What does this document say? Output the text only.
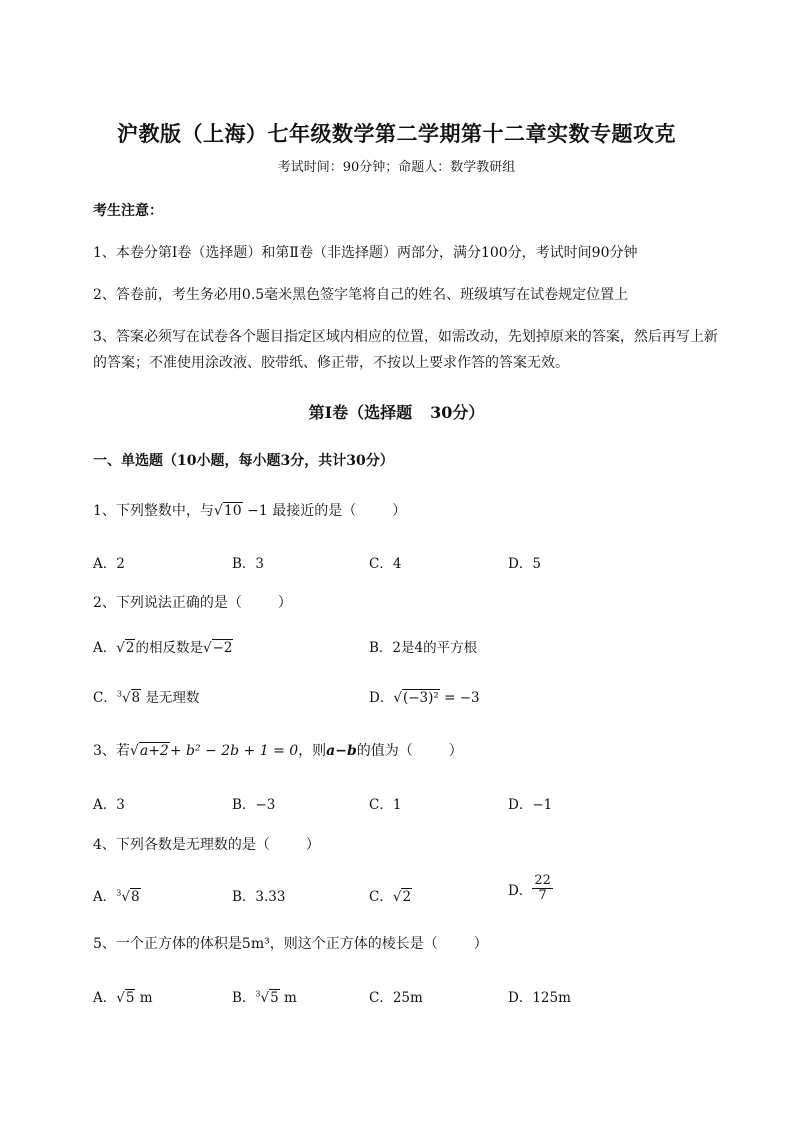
沪教版（上海）七年级数学第二学期第十二章实数专题攻克
考试时间：90分钟；命题人：数学教研组
考生注意：
1、本卷分第Ⅰ卷（选择题）和第Ⅱ卷（非选择题）两部分，满分100分，考试时间90分钟
2、答卷前，考生务必用0.5毫米黑色签字笔将自己的姓名、班级填写在试卷规定位置上
3、答案必须写在试卷各个题目指定区域内相应的位置，如需改动，先划掉原来的答案，然后再写上新
的答案；不准使用涂改液、胶带纸、修正带，不按以上要求作答的答案无效。
第Ⅰ卷（选择题 30分）
一、单选题（10小题，每小题3分，共计30分）
1、下列整数中，与√10 −1 最接近的是（	）
A．2	B．3	C．4	D．5
2、下列说法正确的是（	）
A．√2的相反数是√−2	B．2是4的平方根
C．$^3$√8 是无理数	D．√(−3)² = −3
3、若√a+2+ b² − 2b + 1 = 0，则a−b的值为（	）
A．3	B．−3	C．1	D．−1
4、下列各数是无理数的是（	）
A．$^3$√8	B．3.33	C．√2	D． $\frac{22}{7}$
5、一个正方体的体积是5m³，则这个正方体的棱长是（	）
A．√5 m	B．$^3$√5 m	C．25m	D．125m
